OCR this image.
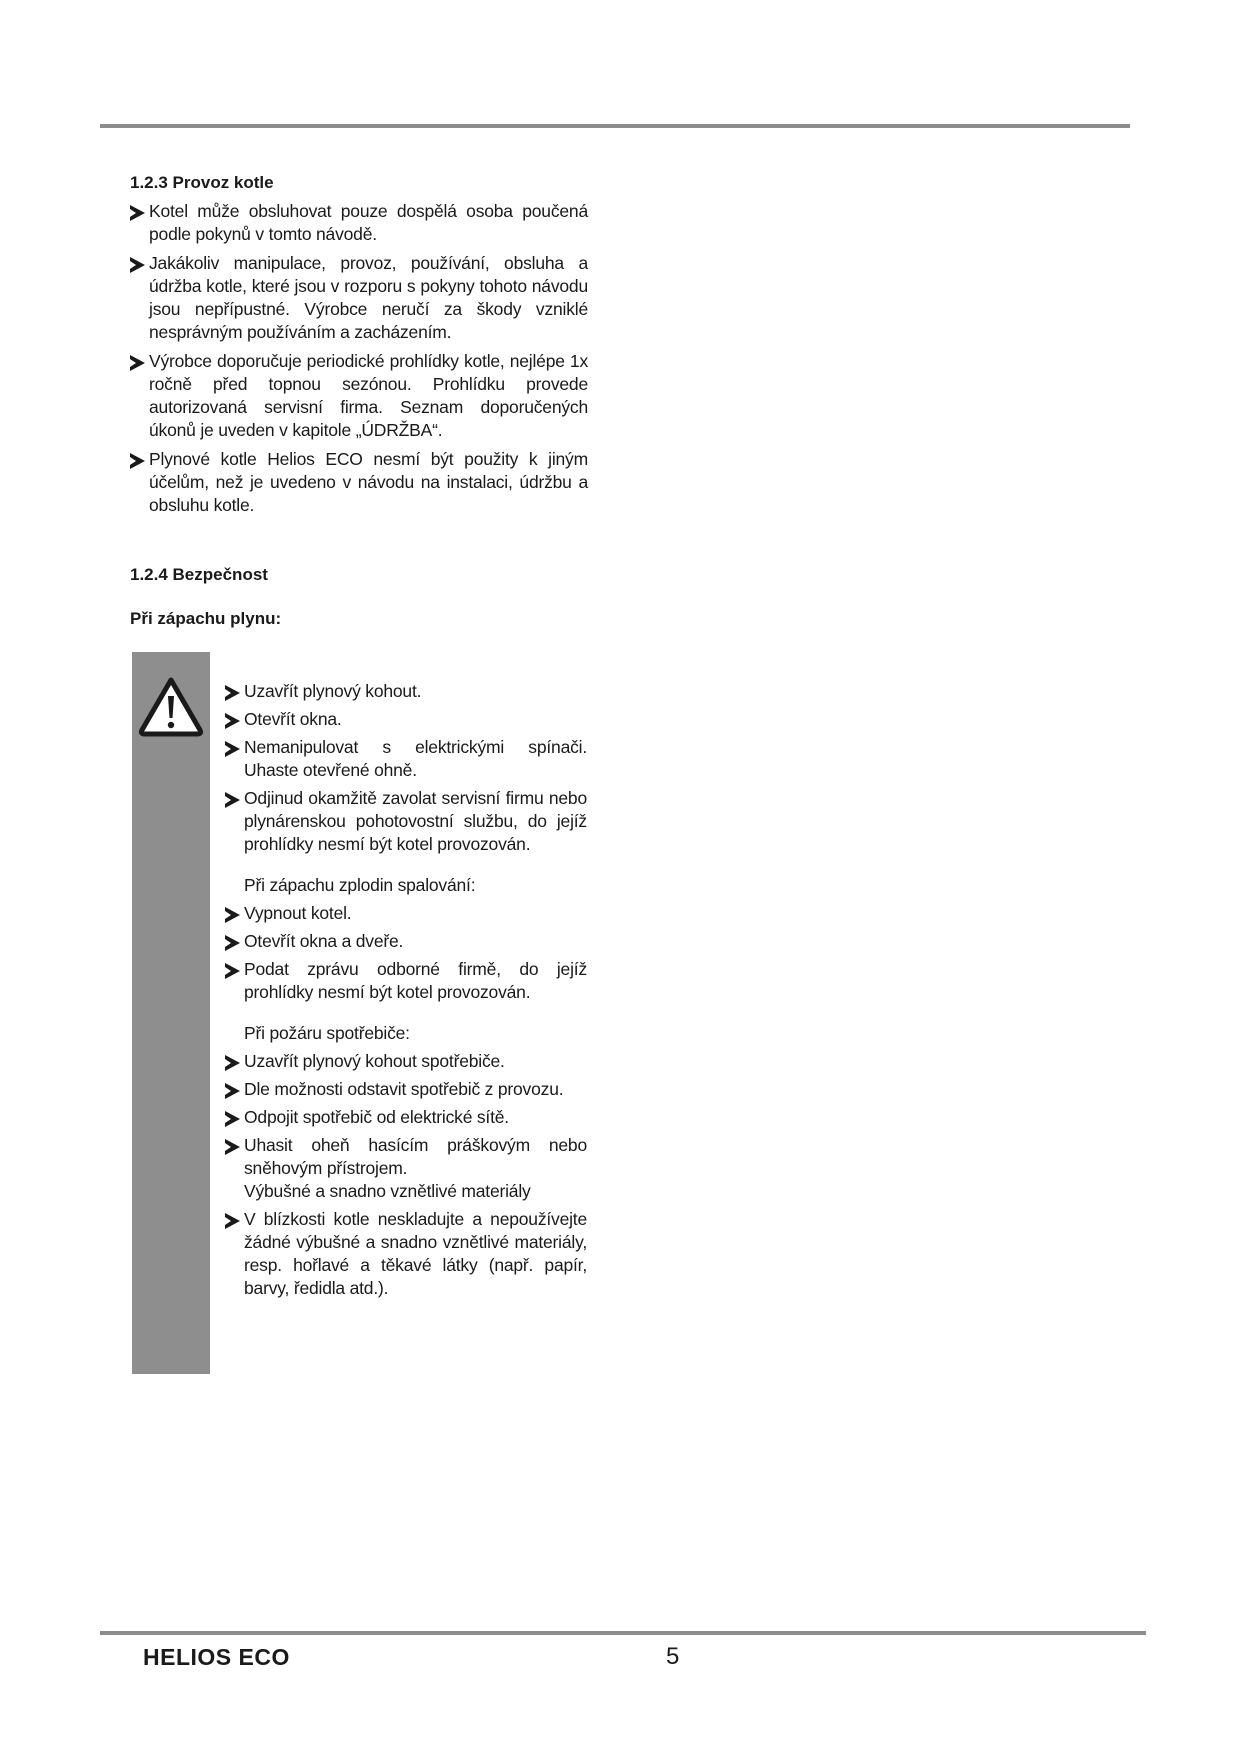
1.2.3 Provoz kotle
Kotel může obsluhovat pouze dospělá osoba poučená podle pokynů v tomto návodě.
Jakákoliv manipulace, provoz, používání, obsluha a údržba kotle, které jsou v rozporu s pokyny tohoto návodu jsou nepřípustné. Výrobce neručí za škody vzniklé nesprávným používáním a zacházením.
Výrobce doporučuje periodické prohlídky kotle, nejlépe 1x ročně před topnou sezónou. Prohlídku provede autorizovaná servisní firma. Seznam doporučených úkonů je uveden v kapitole „ÚDRŽBA“.
Plynové kotle Helios ECO nesmí být použity k jiným účelům, než je uvedeno v návodu na instalaci, údržbu a obsluhu kotle.
1.2.4 Bezpečnost
Při zápachu plynu:
Uzavřít plynový kohout.
Otevřít okna.
Nemanipulovat s elektrickými spínači. Uhaste otevřené ohně.
Odjinud okamžitě zavolat servisní firmu nebo plynárenskou pohotovostní službu, do jejíž prohlídky nesmí být kotel provozován.
Při zápachu zplodin spalování:
Vypnout kotel.
Otevřít okna a dveře.
Podat zprávu odborné firmě, do jejíž prohlídky nesmí být kotel provozován.
Při požáru spotřebiče:
Uzavřít plynový kohout spotřebiče.
Dle možnosti odstavit spotřebič z provozu.
Odpojit spotřebič od elektrické sítě.
Uhasit oheň hasícím práškovým nebo sněhovým přístrojem.
Výbušné a snadno vznětlivé materiály
V blízkosti kotle neskladujte a nepoužívejte žádné výbušné a snadno vznětlivé materiály, resp. hořlavé a těkavé látky (např. papír, barvy, ředidla atd.).
HELIOS ECO	5
